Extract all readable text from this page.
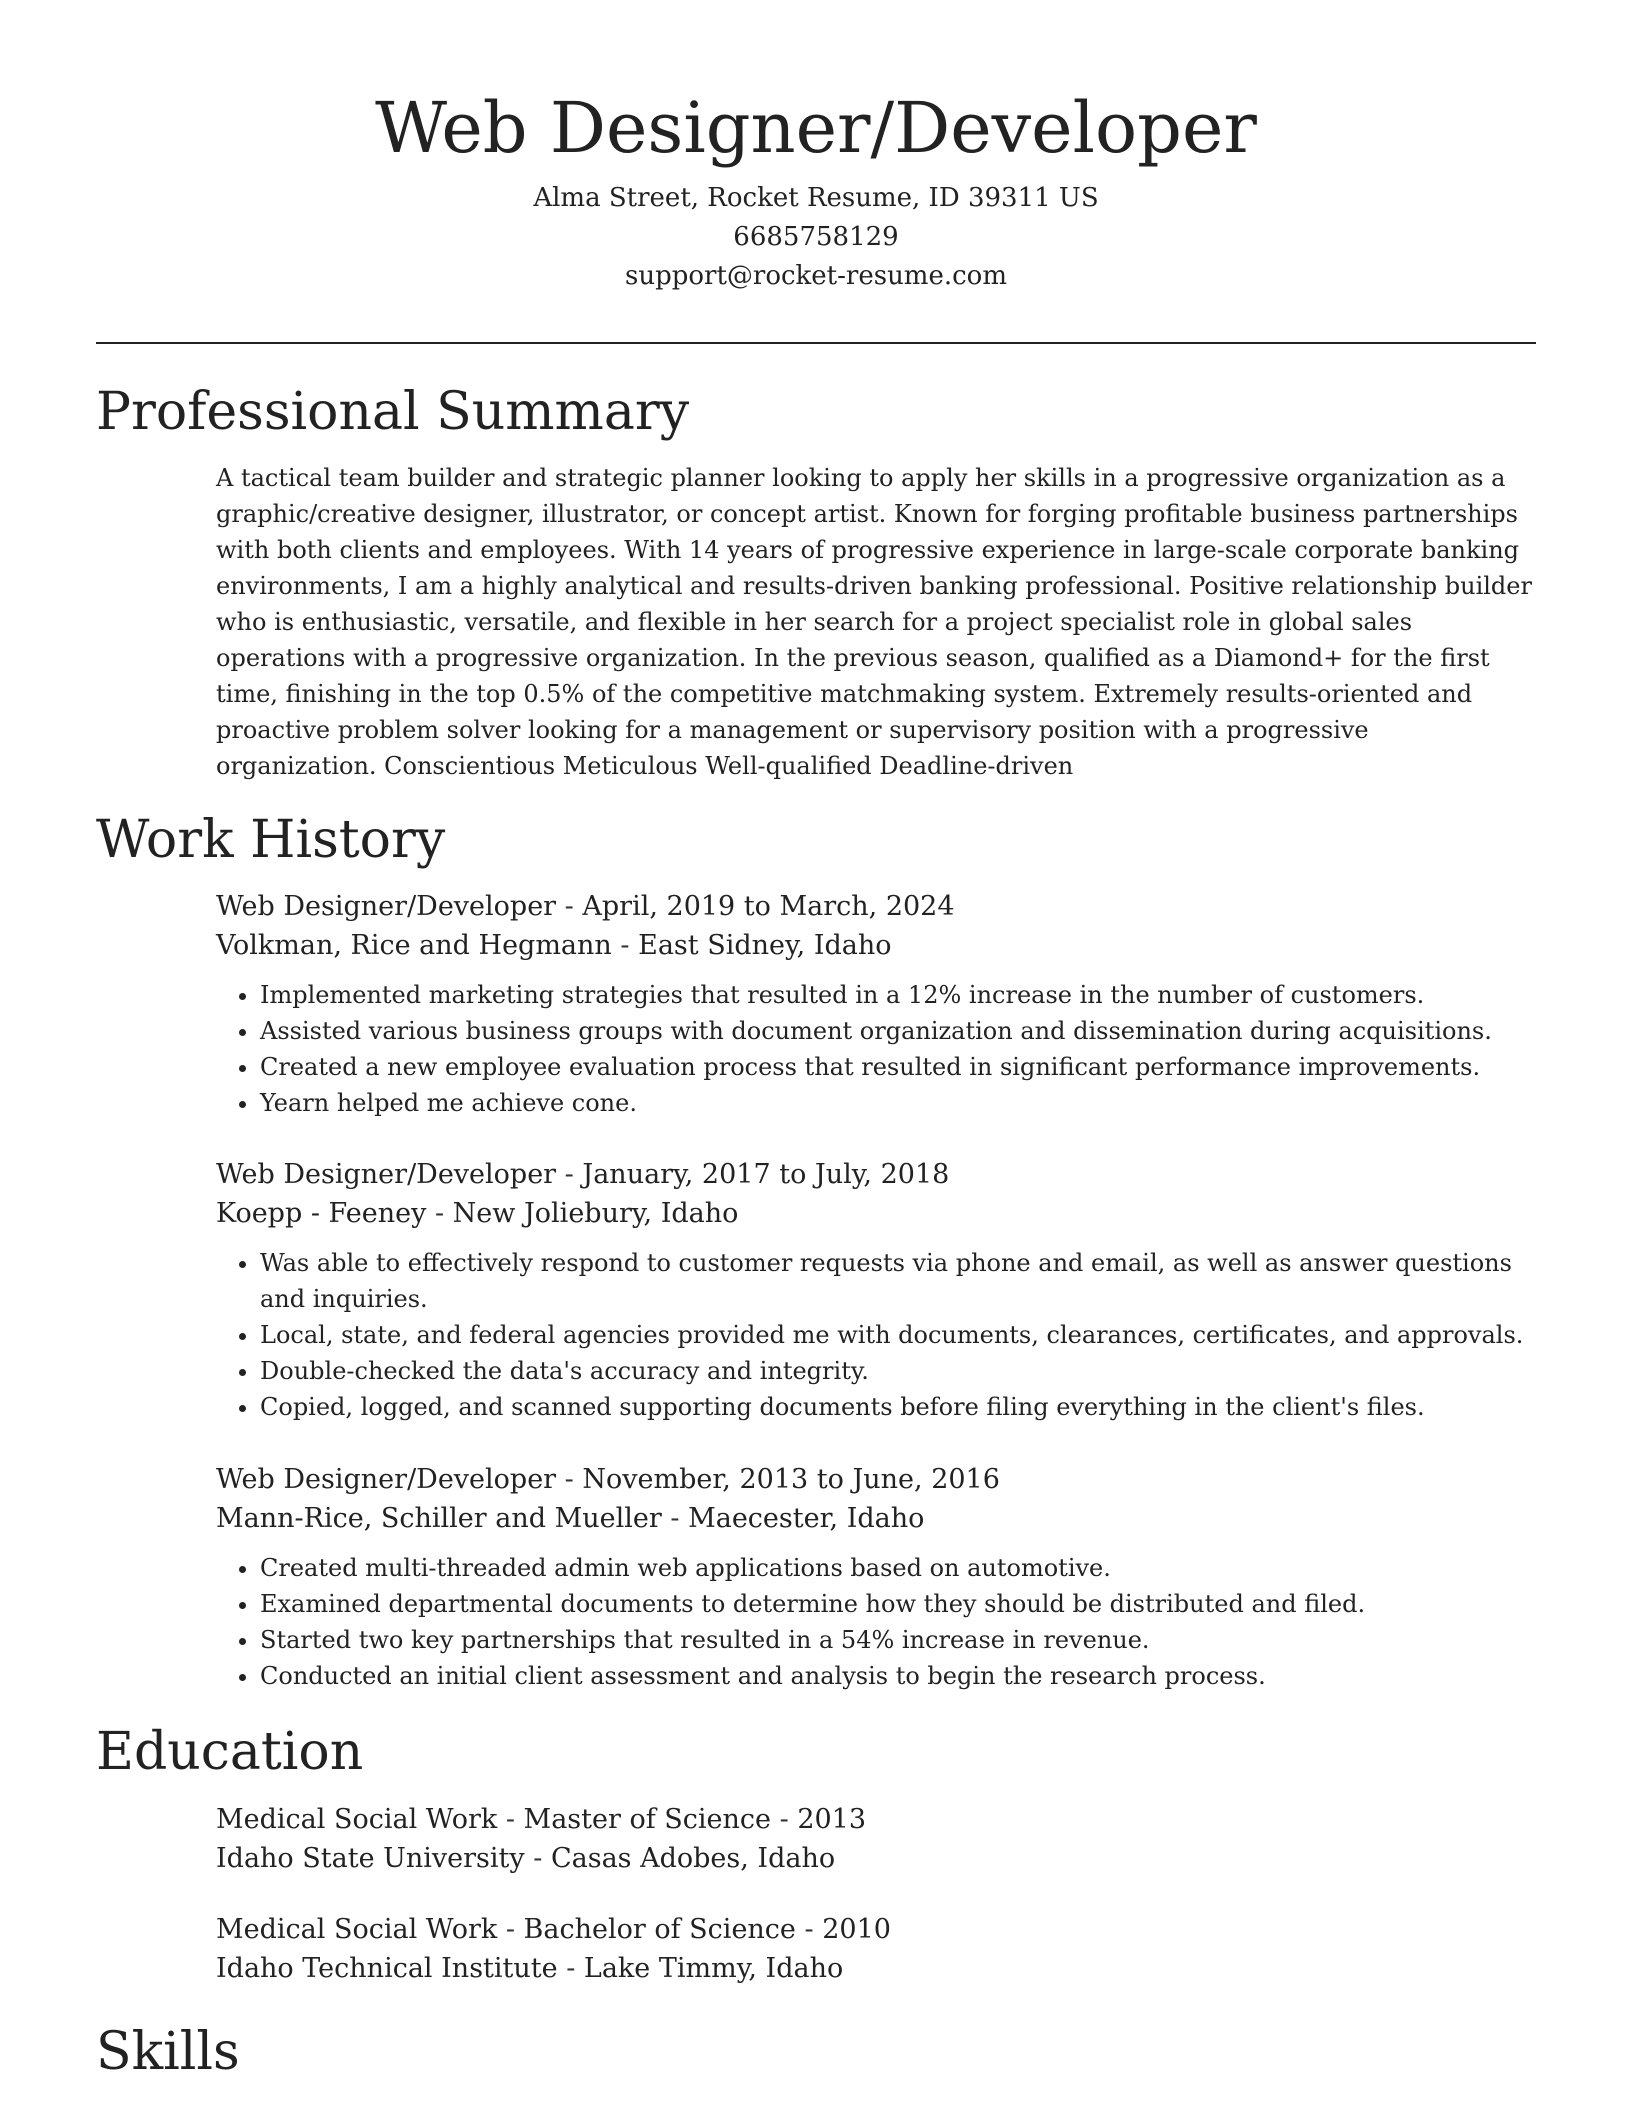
Web Designer/Developer
Alma Street, Rocket Resume, ID 39311 US
6685758129
support@rocket-resume.com
Professional Summary
A tactical team builder and strategic planner looking to apply her skills in a progressive organization as a graphic/creative designer, illustrator, or concept artist. Known for forging profitable business partnerships with both clients and employees. With 14 years of progressive experience in large-scale corporate banking environments, I am a highly analytical and results-driven banking professional. Positive relationship builder who is enthusiastic, versatile, and flexible in her search for a project specialist role in global sales operations with a progressive organization. In the previous season, qualified as a Diamond+ for the first time, finishing in the top 0.5% of the competitive matchmaking system. Extremely results-oriented and proactive problem solver looking for a management or supervisory position with a progressive organization. Conscientious Meticulous Well-qualified Deadline-driven
Work History
Web Designer/Developer - April, 2019 to March, 2024
Volkman, Rice and Hegmann - East Sidney, Idaho
• Implemented marketing strategies that resulted in a 12% increase in the number of customers.
• Assisted various business groups with document organization and dissemination during acquisitions.
• Created a new employee evaluation process that resulted in significant performance improvements.
• Yearn helped me achieve cone.
Web Designer/Developer - January, 2017 to July, 2018
Koepp - Feeney - New Joliebury, Idaho
• Was able to effectively respond to customer requests via phone and email, as well as answer questions and inquiries.
• Local, state, and federal agencies provided me with documents, clearances, certificates, and approvals.
• Double-checked the data's accuracy and integrity.
• Copied, logged, and scanned supporting documents before filing everything in the client's files.
Web Designer/Developer - November, 2013 to June, 2016
Mann-Rice, Schiller and Mueller - Maecester, Idaho
• Created multi-threaded admin web applications based on automotive.
• Examined departmental documents to determine how they should be distributed and filed.
• Started two key partnerships that resulted in a 54% increase in revenue.
• Conducted an initial client assessment and analysis to begin the research process.
Education
Medical Social Work - Master of Science - 2013
Idaho State University - Casas Adobes, Idaho
Medical Social Work - Bachelor of Science - 2010
Idaho Technical Institute - Lake Timmy, Idaho
Skills
